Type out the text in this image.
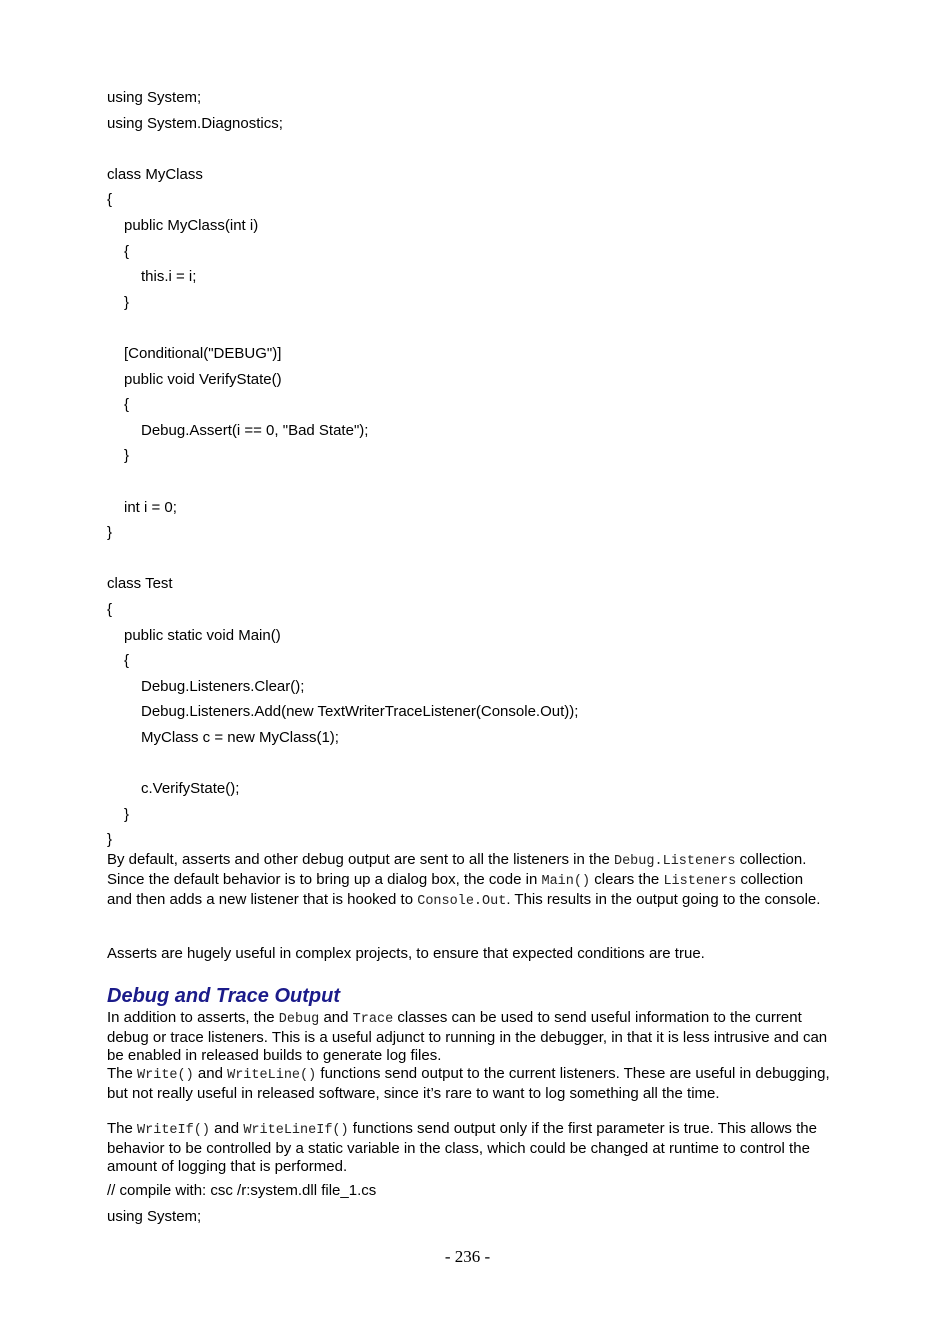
using System;
using System.Diagnostics;
class MyClass
{
public MyClass(int i)
{
this.i = i;
}
[Conditional("DEBUG")]
public void VerifyState()
{
Debug.Assert(i == 0, "Bad State");
}
int i = 0;
}
class Test
{
public static void Main()
{
Debug.Listeners.Clear();
Debug.Listeners.Add(new TextWriterTraceListener(Console.Out));
MyClass c = new MyClass(1);
c.VerifyState();
}
}
By default, asserts and other debug output are sent to all the listeners in the Debug.Listeners collection. Since the default behavior is to bring up a dialog box, the code in Main() clears the Listeners collection and then adds a new listener that is hooked to Console.Out. This results in the output going to the console.
Asserts are hugely useful in complex projects, to ensure that expected conditions are true.
Debug and Trace Output
In addition to asserts, the Debug and Trace classes can be used to send useful information to the current debug or trace listeners. This is a useful adjunct to running in the debugger, in that it is less intrusive and can be enabled in released builds to generate log files.
The Write() and WriteLine() functions send output to the current listeners. These are useful in debugging, but not really useful in released software, since it’s rare to want to log something all the time.
The WriteIf() and WriteLineIf() functions send output only if the first parameter is true. This allows the behavior to be controlled by a static variable in the class, which could be changed at runtime to control the amount of logging that is performed.
// compile with: csc /r:system.dll file_1.cs
using System;
- 236 -
